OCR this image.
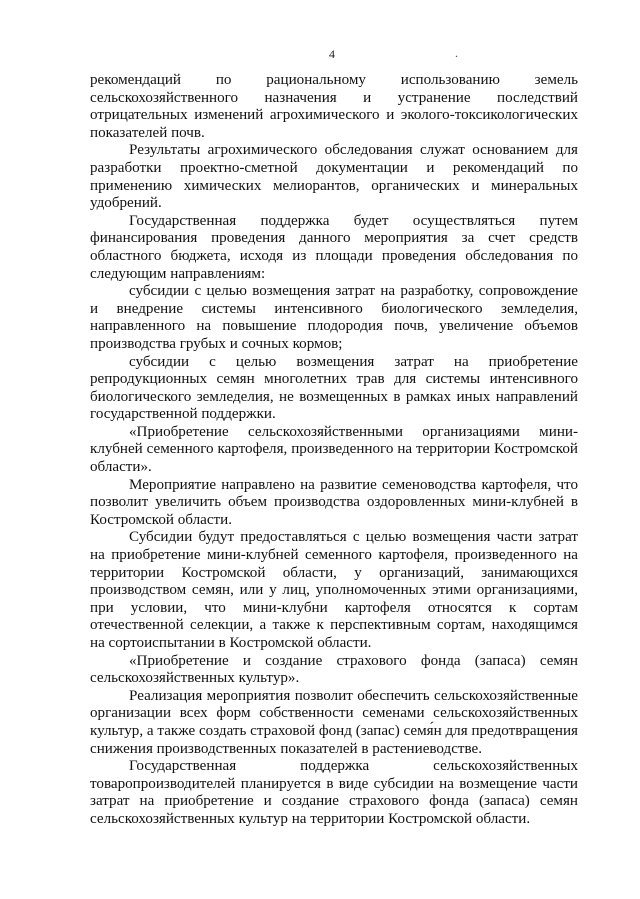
4	.

рекомендаций по рациональному использованию земель сельскохозяйственного назначения и устранение последствий отрицательных изменений агрохимического и эколого-токсикологических показателей почв.

Результаты агрохимического обследования служат основанием для разработки проектно-сметной документации и рекомендаций по применению химических мелиорантов, органических и минеральных удобрений.

Государственная поддержка будет осуществляться путем финансирования проведения данного мероприятия за счет средств областного бюджета, исходя из площади проведения обследования по следующим направлениям:

субсидии с целью возмещения затрат на разработку, сопровождение и внедрение системы интенсивного биологического земледелия, направленного на повышение плодородия почв, увеличение объемов производства грубых и сочных кормов;

субсидии с целью возмещения затрат на приобретение репродукционных семян многолетних трав для системы интенсивного биологического земледелия, не возмещенных в рамках иных направлений государственной поддержки.

«Приобретение сельскохозяйственными организациями мини-клубней семенного картофеля, произведенного на территории Костромской области».

Мероприятие направлено на развитие семеноводства картофеля, что позволит увеличить объем производства оздоровленных мини-клубней в Костромской области.

Субсидии будут предоставляться с целью возмещения части затрат на приобретение мини-клубней семенного картофеля, произведенного на территории Костромской области, у организаций, занимающихся производством семян, или у лиц, уполномоченных этими организациями, при условии, что мини-клубни картофеля относятся к сортам отечественной селекции, а также к перспективным сортам, находящимся на сортоиспытании в Костромской области.

«Приобретение и создание страхового фонда (запаса) семян сельскохозяйственных культур».

Реализация мероприятия позволит обеспечить сельскохозяйственные организации всех форм собственности семенами сельскохозяйственных культур, а также создать страховой фонд (запас) семя́н для предотвращения снижения производственных показателей в растениеводстве.

Государственная поддержка сельскохозяйственных товаропроизводителей планируется в виде субсидии на возмещение части затрат на приобретение и создание страхового фонда (запаса) семян сельскохозяйственных культур на территории Костромской области.
